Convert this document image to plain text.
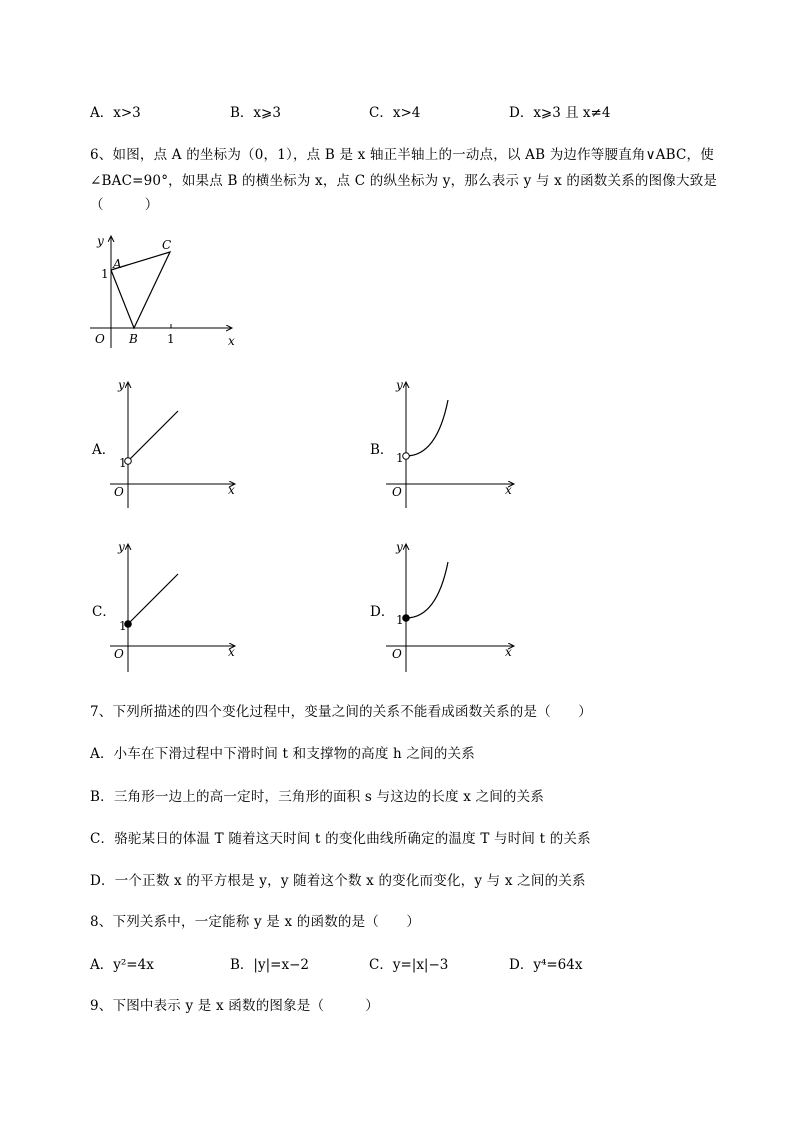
A．x>3	B．x⩾3	C．x>4	D．x⩾3 且 x≠4
6、如图，点 A 的坐标为（0，1），点 B 是 x 轴正半轴上的一动点，以 AB 为边作等腰直角∨ABC，使
∠BAC=90°，如果点 B 的横坐标为 x，点 C 的纵坐标为 y，那么表示 y 与 x 的函数关系的图像大致是
（　　　）
y
A
C
1
O B 1	x
A．
y
1
O	x
B．
y
1
O	x
C．
y
1
O	x
D．
y
1
O	x
7、下列所描述的四个变化过程中，变量之间的关系不能看成函数关系的是（　　）
A．小车在下滑过程中下滑时间 t 和支撑物的高度 h 之间的关系
B．三角形一边上的高一定时，三角形的面积 s 与这边的长度 x 之间的关系
C．骆驼某日的体温 T 随着这天时间 t 的变化曲线所确定的温度 T 与时间 t 的关系
D．一个正数 x 的平方根是 y，y 随着这个数 x 的变化而变化，y 与 x 之间的关系
8、下列关系中，一定能称 y 是 x 的函数的是（　　）
A．y²=4x	B．|y|=x−2	C．y=|x|−3	D．y⁴=64x
9、下图中表示 y 是 x 函数的图象是（　　　）
